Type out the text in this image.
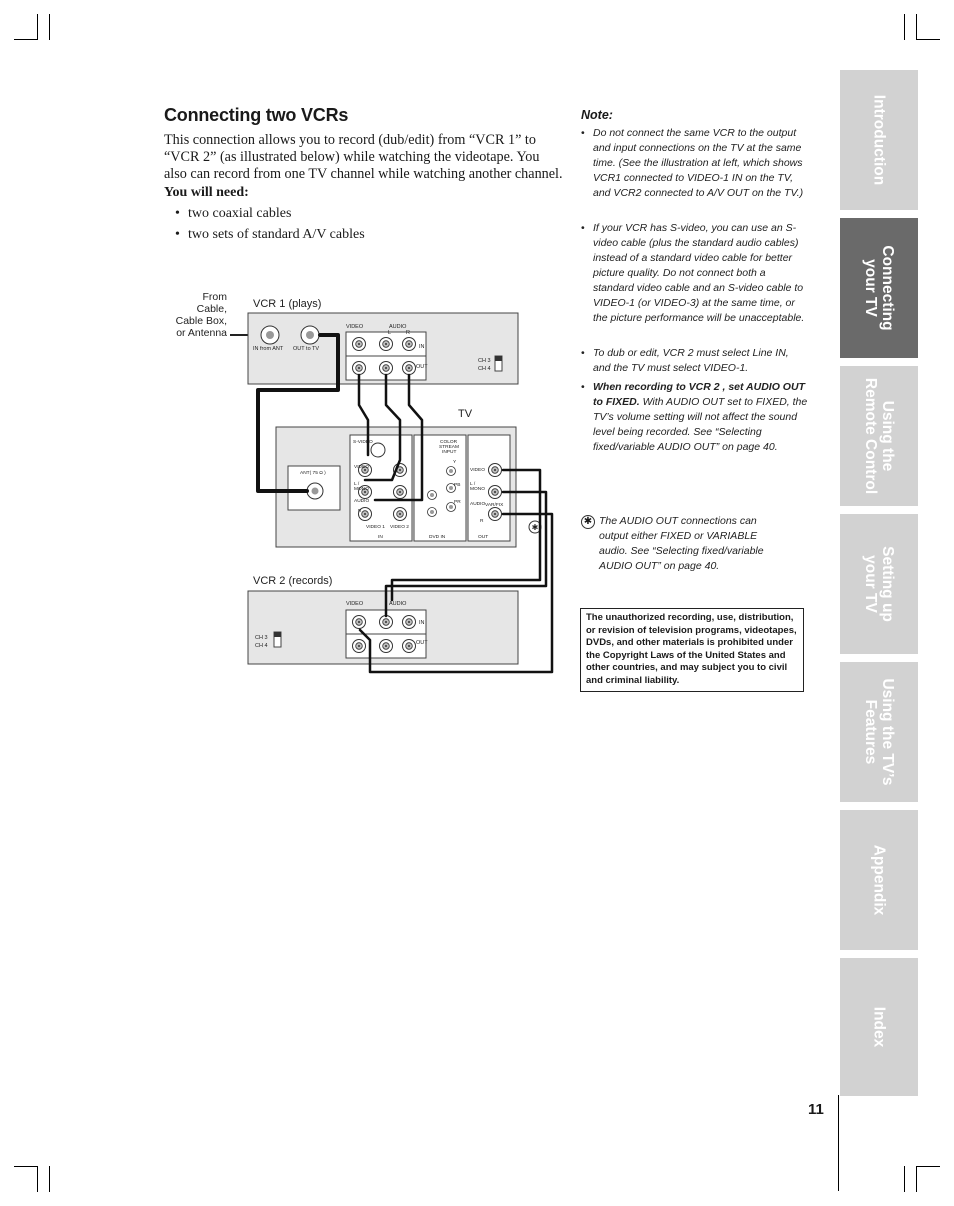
Connecting two VCRs
This connection allows you to record (dub/edit) from “VCR 1” to “VCR 2” (as illustrated below) while watching the videotape. You also can record from one TV channel while watching another channel.
You will need:
• two coaxial cables
• two sets of standard A/V cables
Note:
• Do not connect the same VCR to the output and input connections on the TV at the same time. (See the illustration at left, which shows VCR1 connected to VIDEO-1 IN on the TV, and VCR2 connected to A/V OUT on the TV.)
• If your VCR has S-video, you can use an S-video cable (plus the standard audio cables) instead of a standard video cable for better picture quality. Do not connect both a standard video cable and an S-video cable to VIDEO-1 (or VIDEO-3) at the same time, or the picture performance will be unacceptable.
• To dub or edit, VCR 2 must select Line IN, and the TV must select VIDEO-1.
• When recording to VCR 2 , set AUDIO OUT to FIXED. With AUDIO OUT set to FIXED, the TV’s volume setting will not affect the sound level being recorded. See “Selecting fixed/variable AUDIO OUT” on page 40.
✱ The AUDIO OUT connections can output either FIXED or VARIABLE audio. See “Selecting fixed/variable AUDIO OUT” on page 40.
The unauthorized recording, use, distribution, or revision of television programs, videotapes, DVDs, and other materials is prohibited under the Copyright Laws of the United States and other countries, and may subject you to civil and criminal liability.
Introduction
Connecting
your TV
Using the
Remote Control
Setting up
your TV
Using the TV’s
Features
Appendix
Index
11
From
Cable,
Cable Box,
or Antenna
VCR 1 (plays)
TV
VCR 2 (records)
VIDEO	AUDIO
L	R
IN
OUT
IN from ANT OUT to TV
CH 3
CH 4
ANT( 75 Ω )
S-VIDEO
VIDEO
L /
MONO
AUDIO
R
VIDEO 1 VIDEO 2
IN
COLOR
STREAM
INPUT
Y
PB
PR
DVD IN
VIDEO
L /
MONO
AUDIO VAR/FIX
R
OUT
✱
VIDEO	AUDIO
IN
OUT
CH 3
CH 4
